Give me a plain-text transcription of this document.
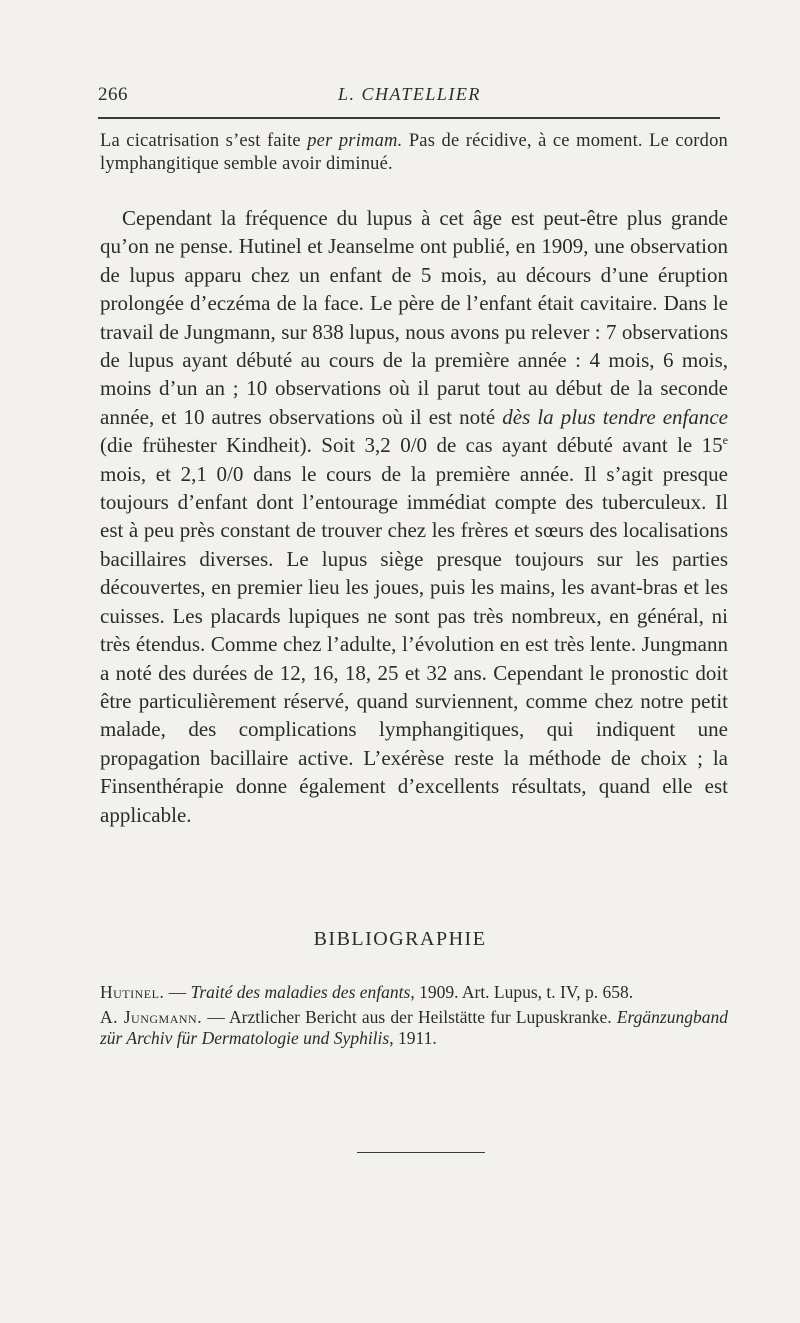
266	L. CHATELLIER

La cicatrisation s’est faite per primam. Pas de récidive, à ce moment. Le cordon lymphangitique semble avoir diminué.

Cependant la fréquence du lupus à cet âge est peut-être plus grande qu’on ne pense. Hutinel et Jeanselme ont publié, en 1909, une observation de lupus apparu chez un enfant de 5 mois, au décours d’une éruption prolongée d’eczéma de la face. Le père de l’enfant était cavitaire. Dans le travail de Jungmann, sur 838 lupus, nous avons pu relever : 7 observations de lupus ayant débuté au cours de la première année : 4 mois, 6 mois, moins d’un an ; 10 observations où il parut tout au début de la seconde année, et 10 autres observations où il est noté dès la plus tendre enfance (die frühester Kindheit). Soit 3,2 0/0 de cas ayant débuté avant le 15e mois, et 2,1 0/0 dans le cours de la première année. Il s’agit presque toujours d’enfant dont l’entourage immédiat compte des tuberculeux. Il est à peu près constant de trouver chez les frères et sœurs des localisations bacillaires diverses. Le lupus siège presque toujours sur les parties découvertes, en premier lieu les joues, puis les mains, les avant-bras et les cuisses. Les placards lupiques ne sont pas très nombreux, en général, ni très étendus. Comme chez l’adulte, l’évolution en est très lente. Jungmann a noté des durées de 12, 16, 18, 25 et 32 ans. Cependant le pronostic doit être particulièrement réservé, quand surviennent, comme chez notre petit malade, des complications lymphangitiques, qui indiquent une propagation bacillaire active. L’exérèse reste la méthode de choix ; la Finsenthérapie donne également d’excellents résultats, quand elle est applicable.

BIBLIOGRAPHIE

Hutinel. — Traité des maladies des enfants, 1909. Art. Lupus, t. IV, p. 658.

A. Jungmann. — Arztlicher Bericht aus der Heilstätte fur Lupuskranke. Ergänzungband zür Archiv für Dermatologie und Syphilis, 1911.
